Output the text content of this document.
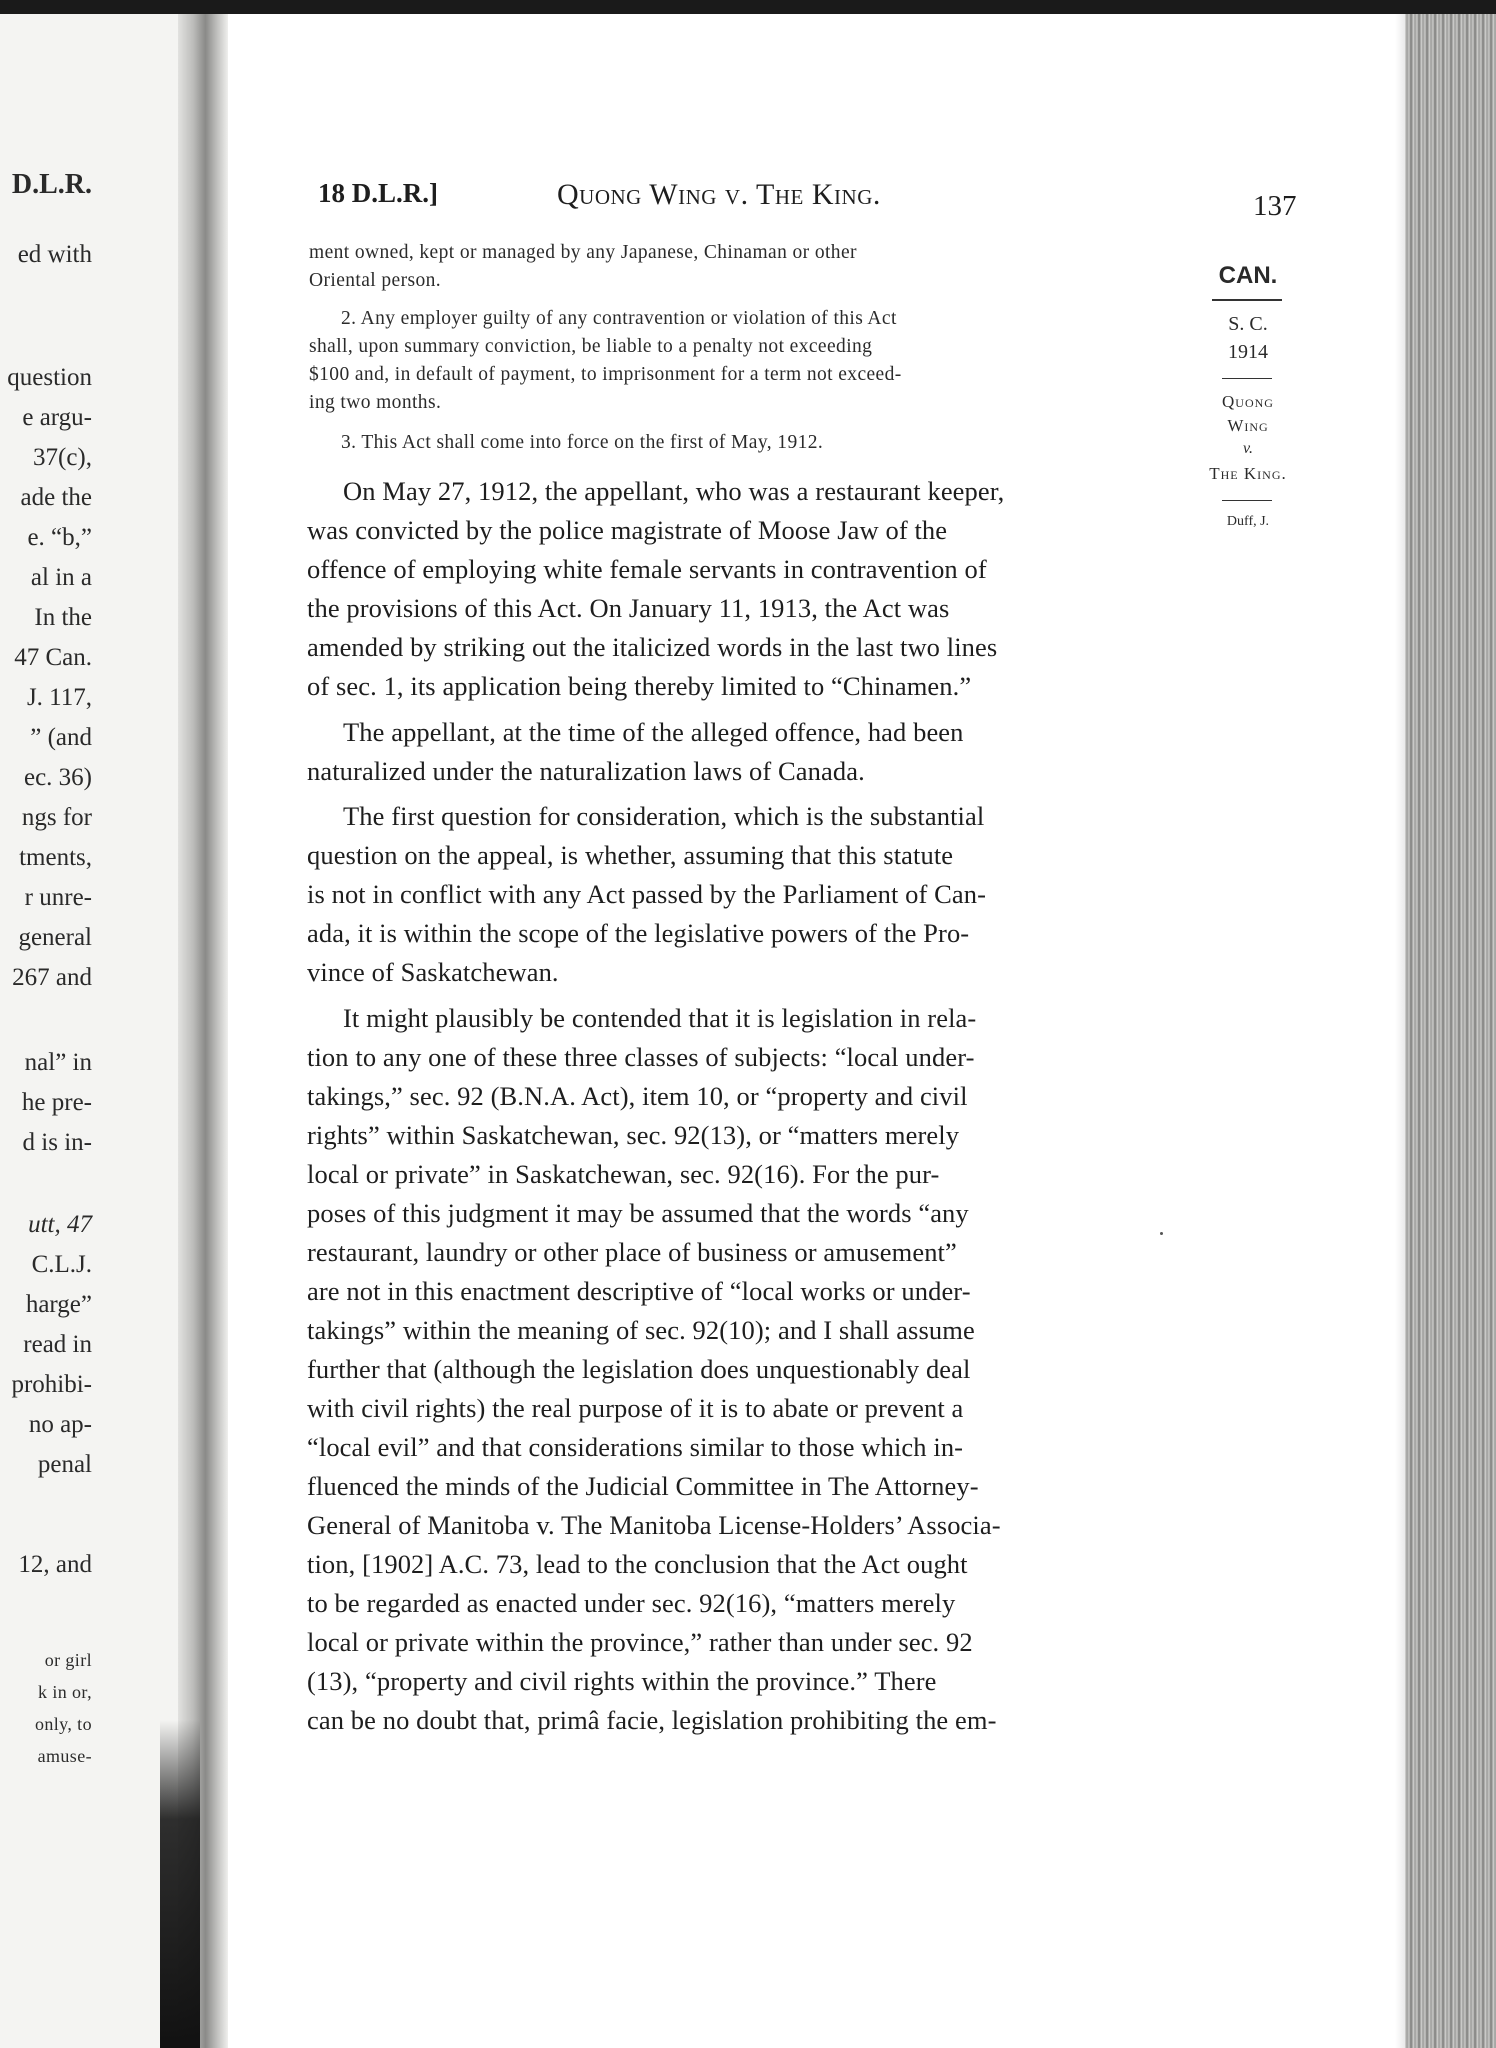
D.L.R.
ed with
question
e argu-
37(c),
ade the
e. “b,”
al in a
In the
47 Can.
J. 117,
” (and
ec. 36)
ngs for
tments,
r unre-
general
267 and
nal” in
he pre-
d is in-
utt, 47
C.L.J.
harge”
read in
prohibi-
no ap-
penal
12, and
or girl
k in or,
only, to
amuse-
18 D.L.R.]	Quong Wing v. The King.	137
CAN.
S. C.
1914
Quong
Wing
v.
The King.
Duff, J.
ment owned, kept or managed by any Japanese, Chinaman or other
Oriental person.
2. Any employer guilty of any contravention or violation of this Act
shall, upon summary conviction, be liable to a penalty not exceeding
$100 and, in default of payment, to imprisonment for a term not exceed-
ing two months.
3. This Act shall come into force on the first of May, 1912.
On May 27, 1912, the appellant, who was a restaurant keeper,
was convicted by the police magistrate of Moose Jaw of the
offence of employing white female servants in contravention of
the provisions of this Act. On January 11, 1913, the Act was
amended by striking out the italicized words in the last two lines
of sec. 1, its application being thereby limited to “Chinamen.”
The appellant, at the time of the alleged offence, had been
naturalized under the naturalization laws of Canada.
The first question for consideration, which is the substantial
question on the appeal, is whether, assuming that this statute
is not in conflict with any Act passed by the Parliament of Can-
ada, it is within the scope of the legislative powers of the Pro-
vince of Saskatchewan.
It might plausibly be contended that it is legislation in rela-
tion to any one of these three classes of subjects: “local under-
takings,” sec. 92 (B.N.A. Act), item 10, or “property and civil
rights” within Saskatchewan, sec. 92(13), or “matters merely
local or private” in Saskatchewan, sec. 92(16). For the pur-
poses of this judgment it may be assumed that the words “any
restaurant, laundry or other place of business or amusement”
are not in this enactment descriptive of “local works or under-
takings” within the meaning of sec. 92(10); and I shall assume
further that (although the legislation does unquestionably deal
with civil rights) the real purpose of it is to abate or prevent a
“local evil” and that considerations similar to those which in-
fluenced the minds of the Judicial Committee in The Attorney-
General of Manitoba v. The Manitoba License-Holders’ Associa-
tion, [1902] A.C. 73, lead to the conclusion that the Act ought
to be regarded as enacted under sec. 92(16), “matters merely
local or private within the province,” rather than under sec. 92
(13), “property and civil rights within the province.” There
can be no doubt that, primâ facie, legislation prohibiting the em-
